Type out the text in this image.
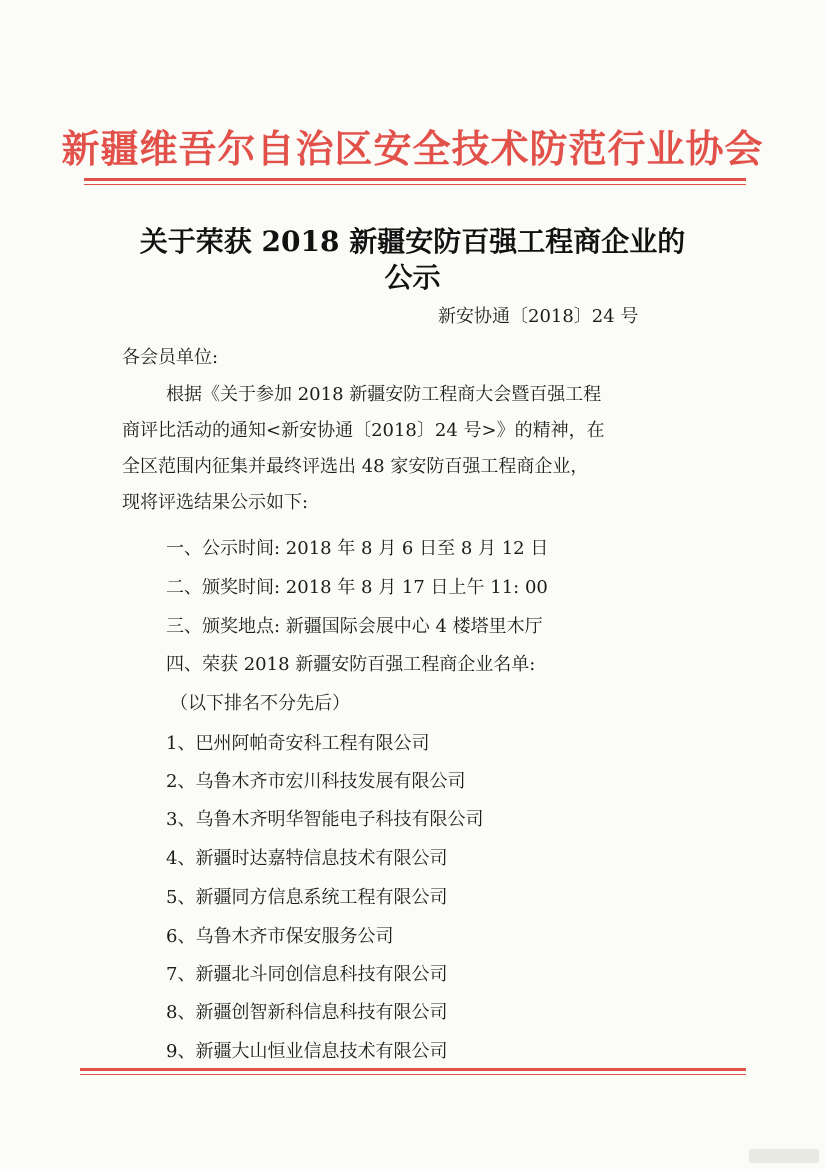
新疆维吾尔自治区安全技术防范行业协会
关于荣获 2018 新疆安防百强工程商企业的
公示
新安协通〔2018〕24 号
各会员单位:
根据《关于参加 2018 新疆安防工程商大会暨百强工程
商评比活动的通知<新安协通〔2018〕24 号>》的精神，在
全区范围内征集并最终评选出 48 家安防百强工程商企业，
现将评选结果公示如下:
一、公示时间: 2018 年 8 月 6 日至 8 月 12 日
二、颁奖时间: 2018 年 8 月 17 日上午 11: 00
三、颁奖地点: 新疆国际会展中心 4 楼塔里木厅
四、荣获 2018 新疆安防百强工程商企业名单:
（以下排名不分先后）
1、巴州阿帕奇安科工程有限公司
2、乌鲁木齐市宏川科技发展有限公司
3、乌鲁木齐明华智能电子科技有限公司
4、新疆时达嘉特信息技术有限公司
5、新疆同方信息系统工程有限公司
6、乌鲁木齐市保安服务公司
7、新疆北斗同创信息科技有限公司
8、新疆创智新科信息科技有限公司
9、新疆大山恒业信息技术有限公司
